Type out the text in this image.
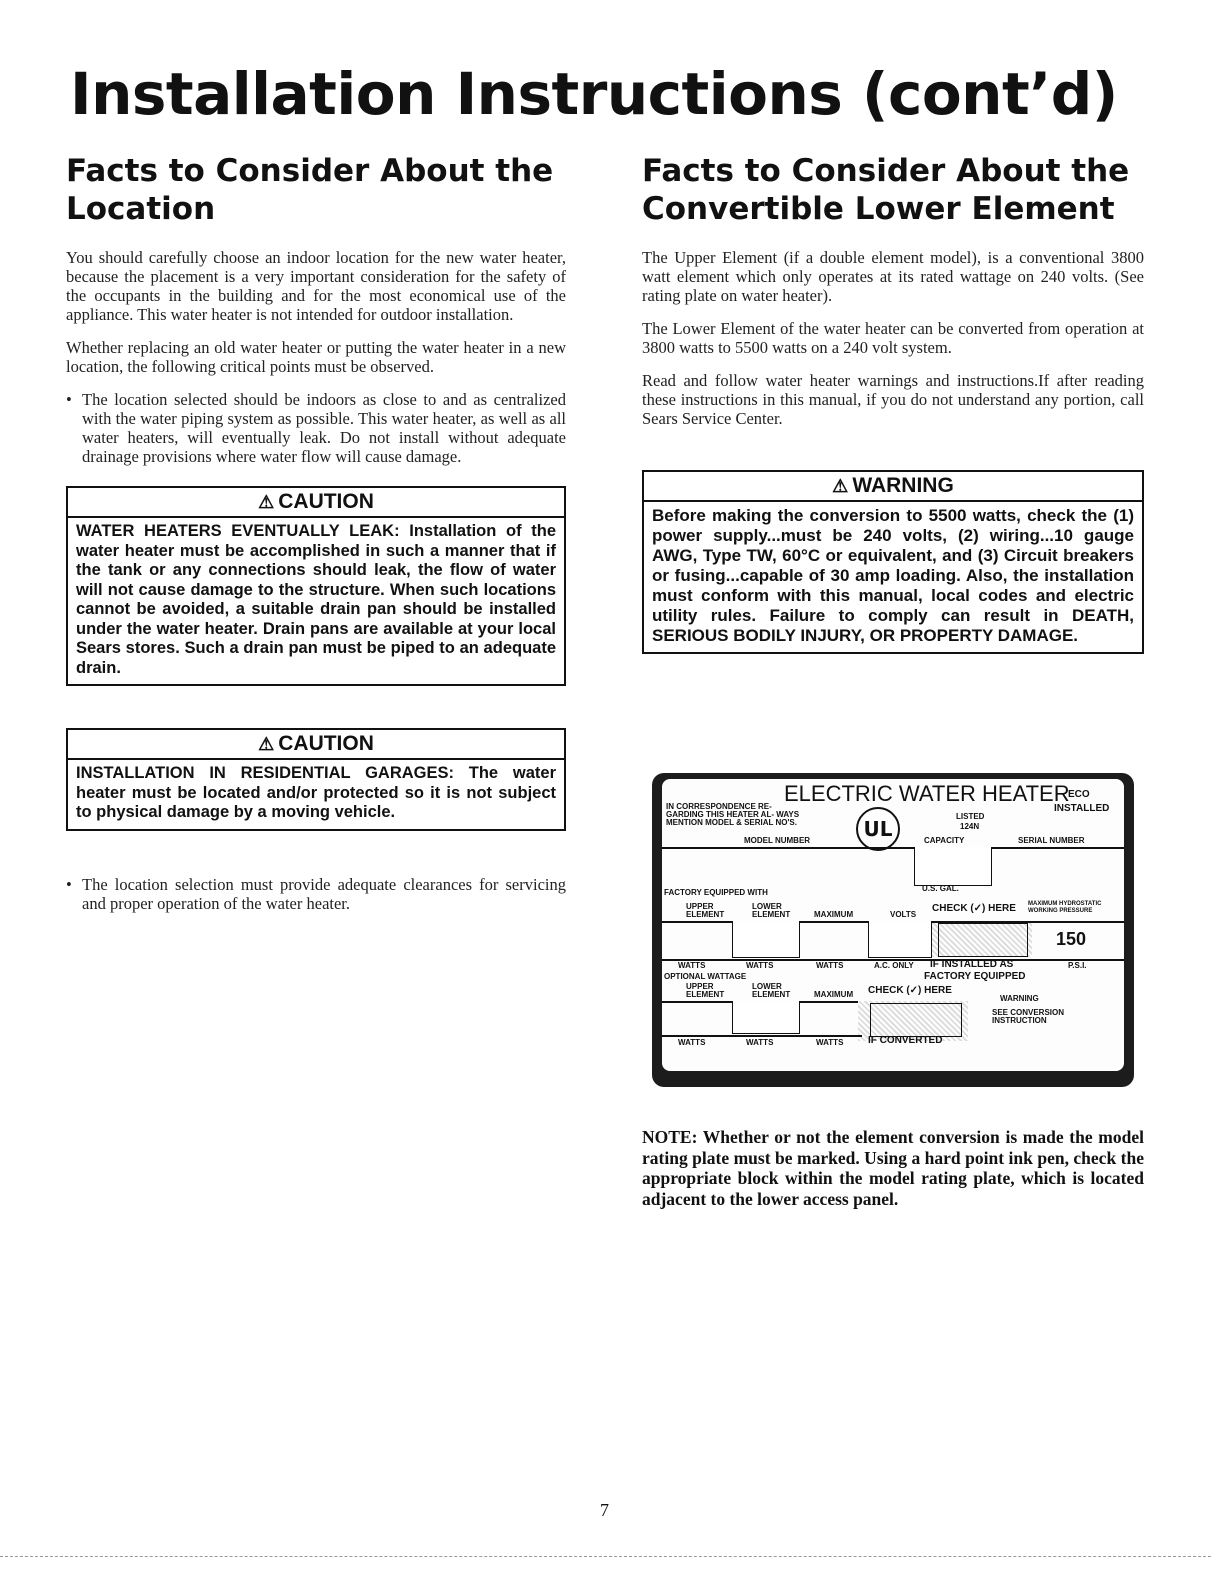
Installation Instructions (cont’d)
Facts to Consider About the Location

You should carefully choose an indoor location for the new water heater, because the placement is a very important consideration for the safety of the occupants in the building and for the most economical use of the appliance. This water heater is not intended for outdoor installation.

Whether replacing an old water heater or putting the water heater in a new location, the following critical points must be observed.

• The location selected should be indoors as close to and as centralized with the water piping system as possible. This water heater, as well as all water heaters, will eventually leak. Do not install without adequate drainage provisions where water flow will cause damage.

⚠ CAUTION
WATER HEATERS EVENTUALLY LEAK: Installation of the water heater must be accomplished in such a manner that if the tank or any connections should leak, the flow of water will not cause damage to the structure. When such locations cannot be avoided, a suitable drain pan should be installed under the water heater. Drain pans are available at your local Sears stores. Such a drain pan must be piped to an adequate drain.
⚠ CAUTION
INSTALLATION IN RESIDENTIAL GARAGES: The water heater must be located and/or protected so it is not subject to physical damage by a moving vehicle.

• The location selection must provide adequate clearances for servicing and proper operation of the water heater.

Facts to Consider About the Convertible Lower Element

The Upper Element (if a double element model), is a conventional 3800 watt element which only operates at its rated wattage on 240 volts. (See rating plate on water heater).

The Lower Element of the water heater can be converted from operation at 3800 watts to 5500 watts on a 240 volt system.

Read and follow water heater warnings and instructions.If after reading these instructions in this manual, if you do not understand any portion, call Sears Service Center.

⚠ WARNING
Before making the conversion to 5500 watts, check the (1) power supply...must be 240 volts, (2) wiring...10 gauge AWG, Type TW, 60°C or equivalent, and (3) Circuit breakers or fusing...capable of 30 amp loading. Also, the installation must conform with this manual, local codes and electric utility rules. Failure to comply can result in DEATH, SERIOUS BODILY INJURY, OR PROPERTY DAMAGE.
ELECTRIC WATER HEATER
ECO
INSTALLED
IN CORRESPONDENCE RE- GARDING THIS HEATER AL- WAYS MENTION MODEL & SERIAL NO'S.	UL
LISTED
124N
MODEL NUMBER	CAPACITY	SERIAL NUMBER
FACTORY EQUIPPED WITH	U.S. GAL.
UPPER ELEMENT
LOWER ELEMENT	MAXIMUM	VOLTS
CHECK (✓) HERE MAXIMUM HYDROSTATIC WORKING PRESSURE
150
WATTS	WATTS	WATTS	A.C. ONLY IF INSTALLED AS	P.S.I.
OPTIONAL WATTAGE	FACTORY EQUIPPED
UPPER ELEMENT
LOWER ELEMENT	MAXIMUM CHECK (✓) HERE
WARNING
SEE CONVERSION INSTRUCTION
WATTS	WATTS	WATTS IF CONVERTED

NOTE: Whether or not the element conversion is made the model rating plate must be marked. Using a hard point ink pen, check the appropriate block within the model rating plate, which is located adjacent to the lower access panel.

7
